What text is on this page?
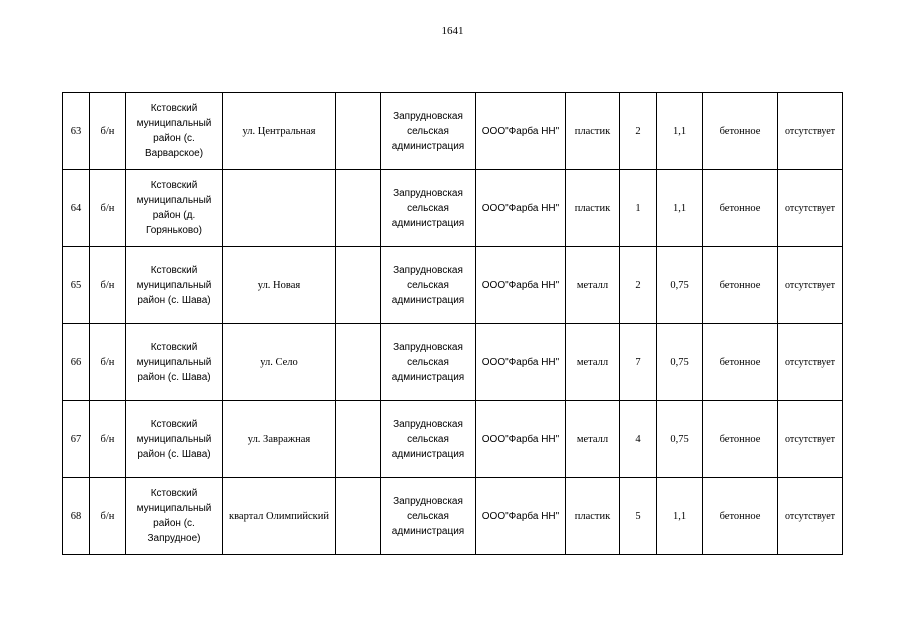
1641
63	б/н	Кстовский муниципальный район (с. Варварское)	ул. Центральная		Запрудновская сельская администрация	ООО"Фарба НН"	пластик	2	1,1	бетонное	отсутствует
64	б/н	Кстовский муниципальный район (д. Горяньково)			Запрудновская сельская администрация	ООО"Фарба НН"	пластик	1	1,1	бетонное	отсутствует
65	б/н	Кстовский муниципальный район (с. Шава)	ул. Новая		Запрудновская сельская администрация	ООО"Фарба НН"	металл	2	0,75	бетонное	отсутствует
66	б/н	Кстовский муниципальный район (с. Шава)	ул. Село		Запрудновская сельская администрация	ООО"Фарба НН"	металл	7	0,75	бетонное	отсутствует
67	б/н	Кстовский муниципальный район (с. Шава)	ул. Завражная		Запрудновская сельская администрация	ООО"Фарба НН"	металл	4	0,75	бетонное	отсутствует
68	б/н	Кстовский муниципальный район (с. Запрудное)	квартал Олимпийский		Запрудновская сельская администрация	ООО"Фарба НН"	пластик	5	1,1	бетонное	отсутствует
